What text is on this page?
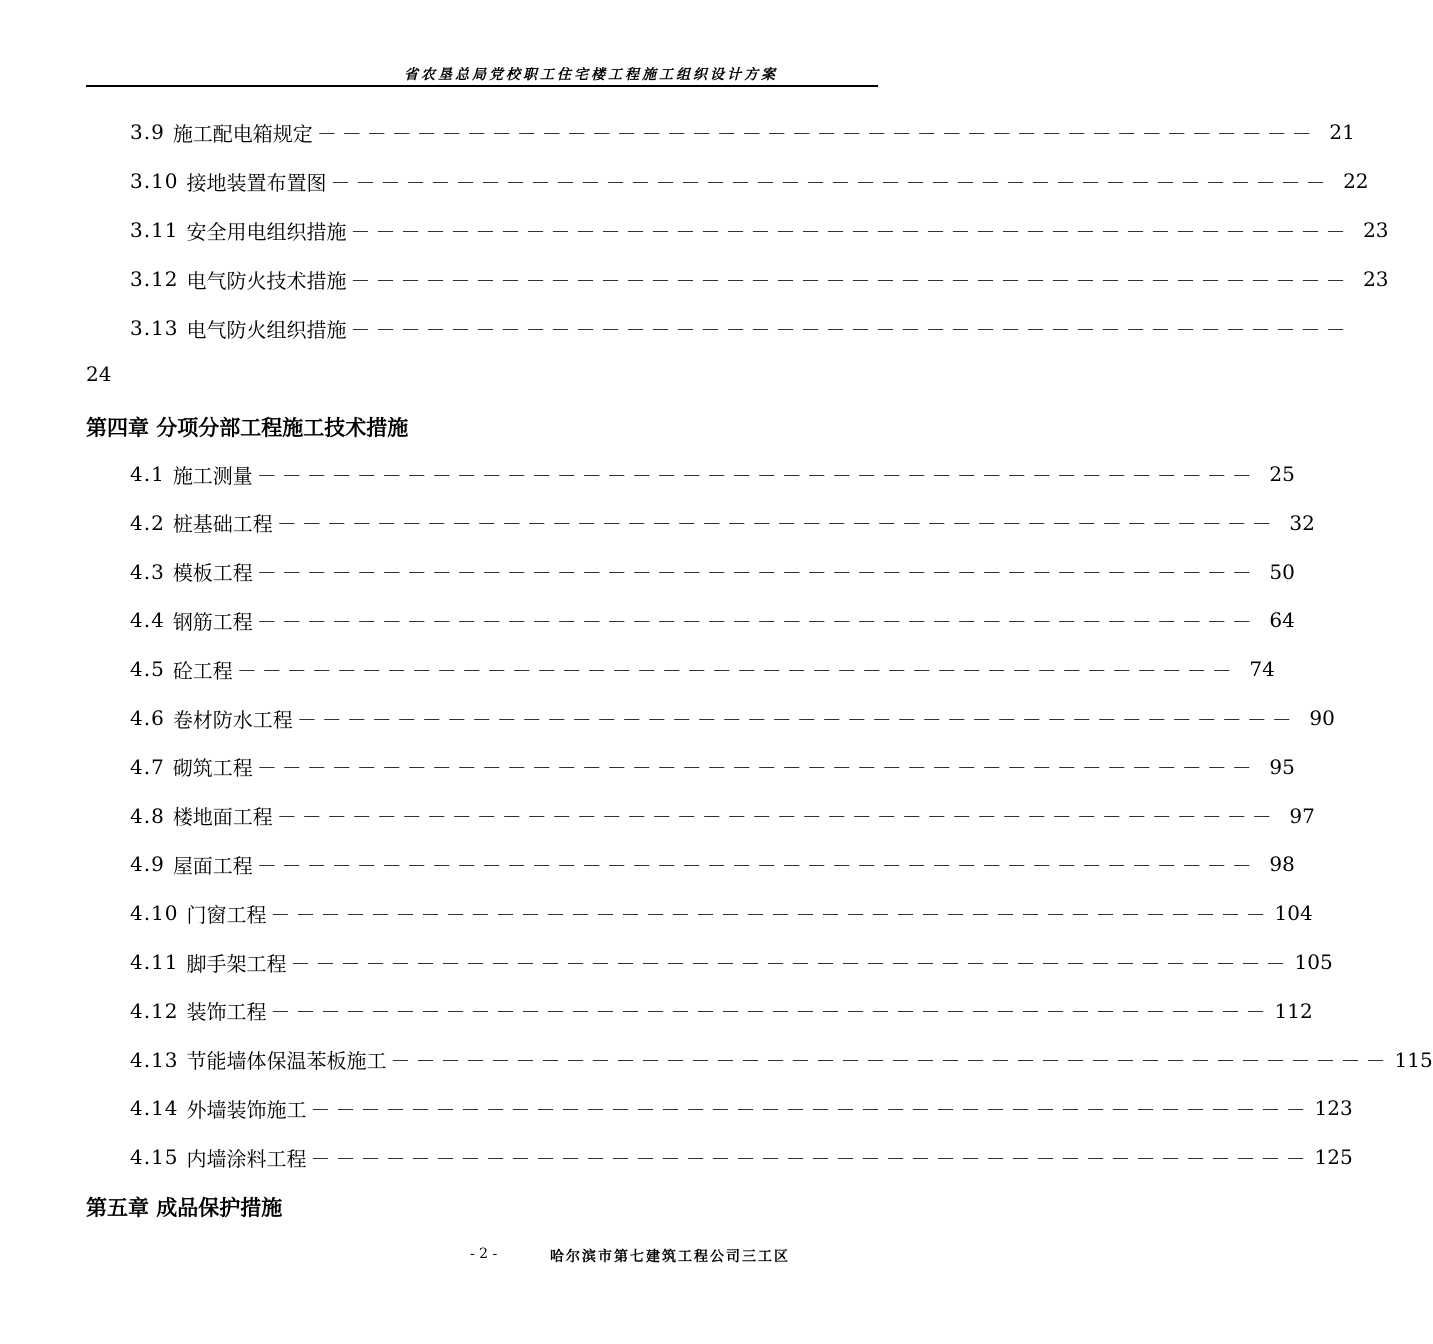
省农垦总局党校职工住宅楼工程施工组织设计方案
3.9 施工配电箱规定 －－－－－－－－－－－－－－－－－－－－－－－－－－－－－－－－－－－－－－－－ 21
3.10 接地装置布置图 －－－－－－－－－－－－－－－－－－－－－－－－－－－－－－－－－－－－－－－－ 22
3.11 安全用电组织措施 －－－－－－－－－－－－－－－－－－－－－－－－－－－－－－－－－－－－－－－－ 23
3.12 电气防火技术措施 －－－－－－－－－－－－－－－－－－－－－－－－－－－－－－－－－－－－－－－－ 23
3.13 电气防火组织措施 －－－－－－－－－－－－－－－－－－－－－－－－－－－－－－－－－－－－－－－－
4.1 施工测量 －－－－－－－－－－－－－－－－－－－－－－－－－－－－－－－－－－－－－－－－ 25
4.2 桩基础工程 －－－－－－－－－－－－－－－－－－－－－－－－－－－－－－－－－－－－－－－－ 32
4.3 模板工程 －－－－－－－－－－－－－－－－－－－－－－－－－－－－－－－－－－－－－－－－ 50
4.4 钢筋工程 －－－－－－－－－－－－－－－－－－－－－－－－－－－－－－－－－－－－－－－－ 64
4.5 砼工程 －－－－－－－－－－－－－－－－－－－－－－－－－－－－－－－－－－－－－－－－ 74
4.6 卷材防水工程 －－－－－－－－－－－－－－－－－－－－－－－－－－－－－－－－－－－－－－－－ 90
4.7 砌筑工程 －－－－－－－－－－－－－－－－－－－－－－－－－－－－－－－－－－－－－－－－ 95
4.8 楼地面工程 －－－－－－－－－－－－－－－－－－－－－－－－－－－－－－－－－－－－－－－－ 97
4.9 屋面工程 －－－－－－－－－－－－－－－－－－－－－－－－－－－－－－－－－－－－－－－－ 98
4.10 门窗工程 －－－－－－－－－－－－－－－－－－－－－－－－－－－－－－－－－－－－－－－－ 104
4.11 脚手架工程 －－－－－－－－－－－－－－－－－－－－－－－－－－－－－－－－－－－－－－－－ 105
4.12 装饰工程 －－－－－－－－－－－－－－－－－－－－－－－－－－－－－－－－－－－－－－－－ 112
4.13 节能墙体保温苯板施工 －－－－－－－－－－－－－－－－－－－－－－－－－－－－－－－－－－－－－－－－ 115
4.14 外墙装饰施工 －－－－－－－－－－－－－－－－－－－－－－－－－－－－－－－－－－－－－－－－ 123
4.15 内墙涂料工程 －－－－－－－－－－－－－－－－－－－－－－－－－－－－－－－－－－－－－－－－ 125
24
第四章 分项分部工程施工技术措施
第五章 成品保护措施
- 2 -	哈尔滨市第七建筑工程公司三工区
